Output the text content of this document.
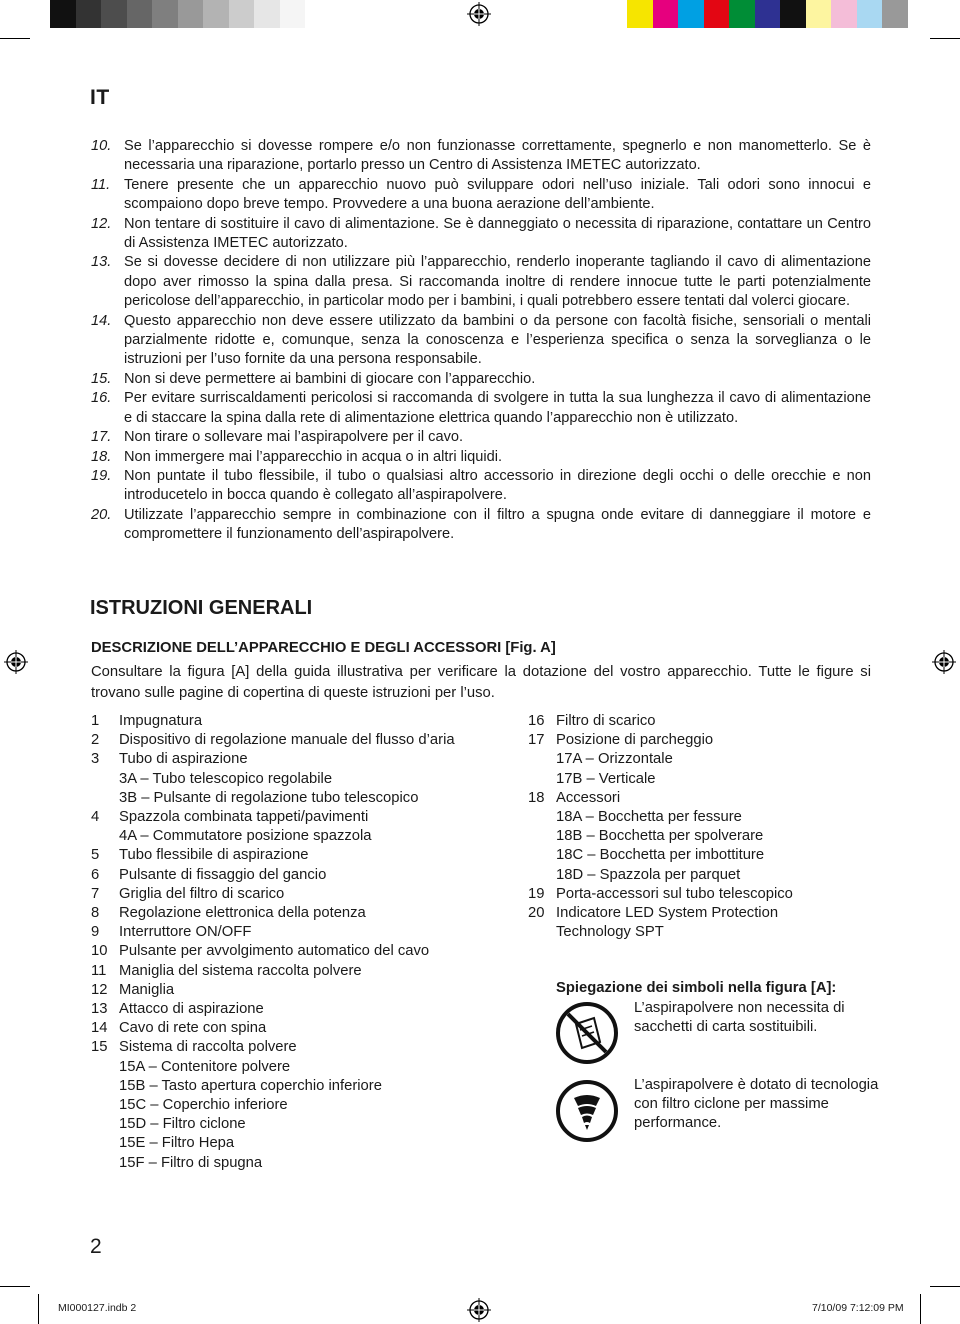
IT
10. Se l’apparecchio si dovesse rompere e/o non funzionasse correttamente, spegnerlo e non manometterlo. Se è necessaria una riparazione, portarlo presso un Centro di Assistenza IMETEC autorizzato.
11. Tenere presente che un apparecchio nuovo può sviluppare odori nell’uso iniziale. Tali odori sono innocui e scompaiono dopo breve tempo. Provvedere a una buona aerazione dell’ambiente.
12. Non tentare di sostituire il cavo di alimentazione. Se è danneggiato o necessita di riparazione, contattare un Centro di Assistenza IMETEC autorizzato.
13. Se si dovesse decidere di non utilizzare più l’apparecchio, renderlo inoperante tagliando il cavo di alimentazione dopo aver rimosso la spina dalla presa. Si raccomanda inoltre di rendere innocue tutte le parti potenzialmente pericolose dell’apparecchio, in particolar modo per i bambini, i quali potrebbero essere tentati dal volerci giocare.
14. Questo apparecchio non deve essere utilizzato da bambini o da persone con facoltà fisiche, sensoriali o mentali parzialmente ridotte e, comunque, senza la conoscenza e l’esperienza specifica o senza la sorveglianza o le istruzioni per l’uso fornite da una persona responsabile.
15. Non si deve permettere ai bambini di giocare con l’apparecchio.
16. Per evitare surriscaldamenti pericolosi si raccomanda di svolgere in tutta la sua lunghezza il cavo di alimentazione e di staccare la spina dalla rete di alimentazione elettrica quando l’apparecchio non è utilizzato.
17. Non tirare o sollevare mai l’aspirapolvere per il cavo.
18. Non immergere mai l’apparecchio in acqua o in altri liquidi.
19. Non puntate il tubo flessibile, il tubo o qualsiasi altro accessorio in direzione degli occhi o delle orecchie e non introducetelo in bocca quando è collegato all’aspirapolvere.
20. Utilizzate l’apparecchio sempre in combinazione con il filtro a spugna onde evitare di danneggiare il motore e compromettere il funzionamento dell’aspirapolvere.
ISTRUZIONI GENERALI
DESCRIZIONE DELL’APPARECCHIO E DEGLI ACCESSORI [Fig. A]

Consultare la figura [A] della guida illustrativa per verificare la dotazione del vostro apparecchio. Tutte le figure si trovano sulle pagine di copertina di queste istruzioni per l’uso.

1 Impugnatura
2 Dispositivo di regolazione manuale del flusso d’aria
3 Tubo di aspirazione
3A – Tubo telescopico regolabile
3B – Pulsante di regolazione tubo telescopico
4 Spazzola combinata tappeti/pavimenti
4A – Commutatore posizione spazzola
5 Tubo flessibile di aspirazione
6 Pulsante di fissaggio del gancio
7 Griglia del filtro di scarico
8 Regolazione elettronica della potenza
9 Interruttore ON/OFF
10 Pulsante per avvolgimento automatico del cavo
11 Maniglia del sistema raccolta polvere
12 Maniglia
13 Attacco di aspirazione
14 Cavo di rete con spina
15 Sistema di raccolta polvere
15A – Contenitore polvere
15B – Tasto apertura coperchio inferiore
15C – Coperchio inferiore
15D – Filtro ciclone
15E – Filtro Hepa
15F – Filtro di spugna
16 Filtro di scarico
17 Posizione di parcheggio
17A – Orizzontale
17B – Verticale
18 Accessori
18A – Bocchetta per fessure
18B – Bocchetta per spolverare
18C – Bocchetta per imbottiture
18D – Spazzola per parquet
19 Porta-accessori sul tubo telescopico
20 Indicatore LED System Protection
Technology SPT
Spiegazione dei simboli nella figura [A]:
L’aspirapolvere non necessita di sacchetti di carta sostituibili.
L’aspirapolvere è dotato di tecnologia con filtro ciclone per massime performance.
2
MI000127.indb 2	7/10/09 7:12:09 PM
